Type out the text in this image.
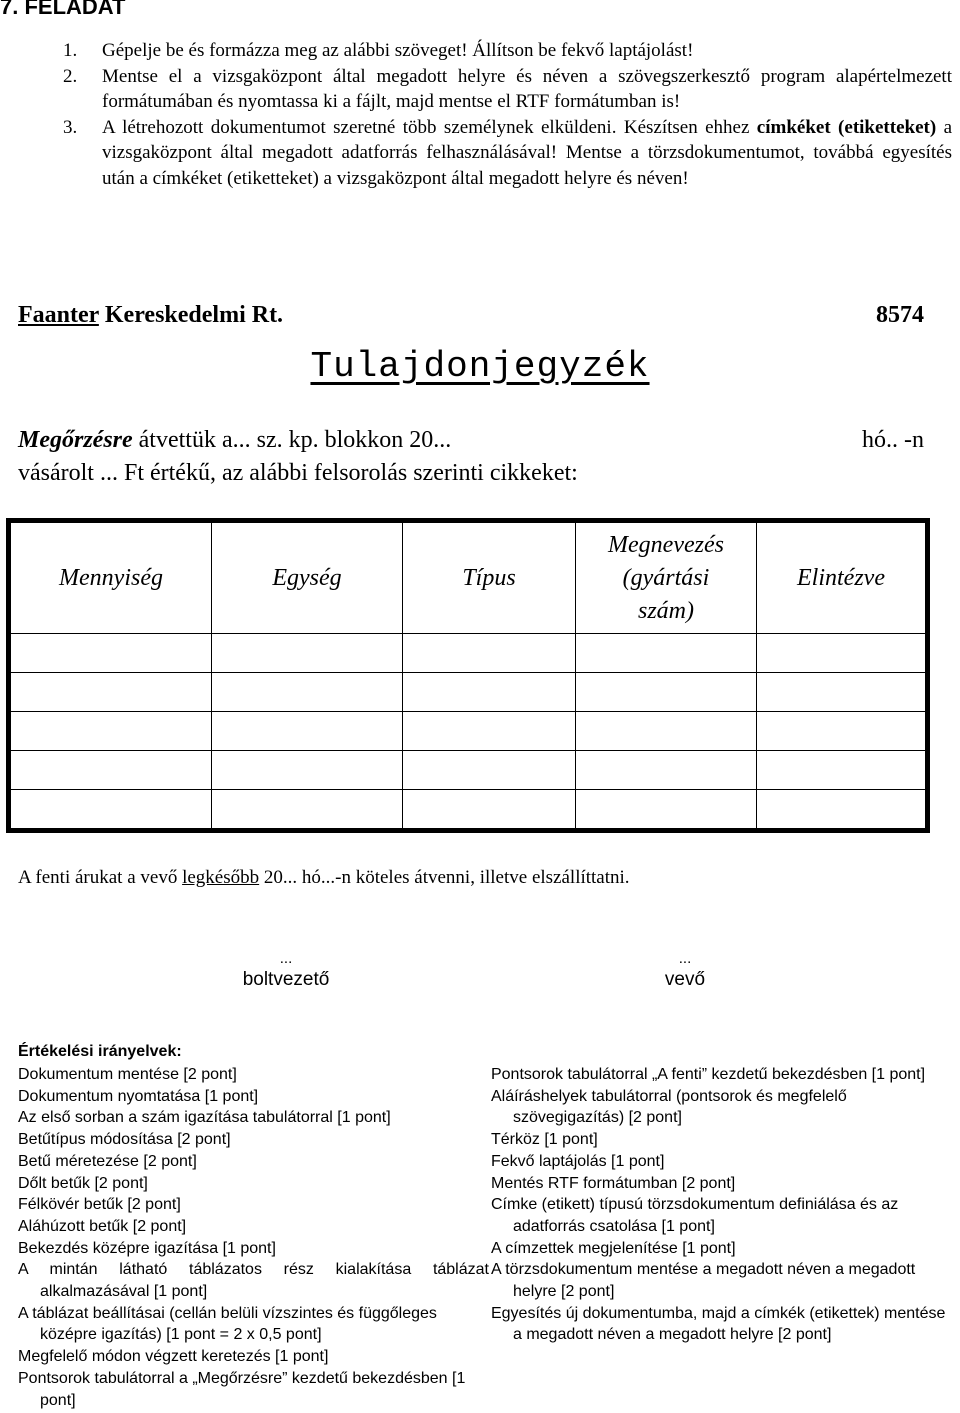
7. FELADAT
1. Gépelje be és formázza meg az alábbi szöveget! Állítson be fekvő laptájolást!
2. Mentse el a vizsgaközpont által megadott helyre és néven a szövegszerkesztő program alapértelmezett formátumában és nyomtassa ki a fájlt, majd mentse el RTF formátumban is!
3. A létrehozott dokumentumot szeretné több személynek elküldeni. Készítsen ehhez címkéket (etiketteket) a vizsgaközpont által megadott adatforrás felhasználásával! Mentse a törzsdokumentumot, továbbá egyesítés után a címkéket (etiketteket) a vizsgaközpont által megadott helyre és néven!
Faanter Kereskedelmi Rt.	8574
Tulajdonjegyzék
Megőrzésre átvettük a... sz. kp. blokkon 20...	hó.. -n
vásárolt ... Ft értékű, az alábbi felsorolás szerinti cikkeket:
Mennyiség	Egység	Típus	Megnevezés (gyártási szám)	Elintézve

A fenti árukat a vevő legkésőbb 20... hó...-n köteles átvenni, illetve elszállíttatni.

...
boltvezető
...
vevő
Értékelési irányelvek:

Dokumentum mentése [2 pont]

Dokumentum nyomtatása [1 pont]

Az első sorban a szám igazítása tabulátorral [1 pont]

Betűtípus módosítása [2 pont]

Betű méretezése [2 pont]

Dőlt betűk [2 pont]

Félkövér betűk [2 pont]

Aláhúzott betűk [2 pont]

Bekezdés középre igazítása [1 pont]

A mintán látható táblázatos rész kialakítása táblázat alkalmazásával [1 pont]

A táblázat beállításai (cellán belüli vízszintes és függőleges középre igazítás) [1 pont = 2 x 0,5 pont]

Megfelelő módon végzett keretezés [1 pont]

Pontsorok tabulátorral a „Megőrzésre” kezdetű bekezdésben [1 pont]

Pontsorok tabulátorral „A fenti” kezdetű bekezdésben [1 pont]

Aláíráshelyek tabulátorral (pontsorok és megfelelő szövegigazítás) [2 pont]

Térköz [1 pont]

Fekvő laptájolás [1 pont]

Mentés RTF formátumban [2 pont]

Címke (etikett) típusú törzsdokumentum definiálása és az adatforrás csatolása [1 pont]

A címzettek megjelenítése [1 pont]

A törzsdokumentum mentése a megadott néven a megadott helyre [2 pont]

Egyesítés új dokumentumba, majd a címkék (etikettek) mentése a megadott néven a megadott helyre [2 pont]
